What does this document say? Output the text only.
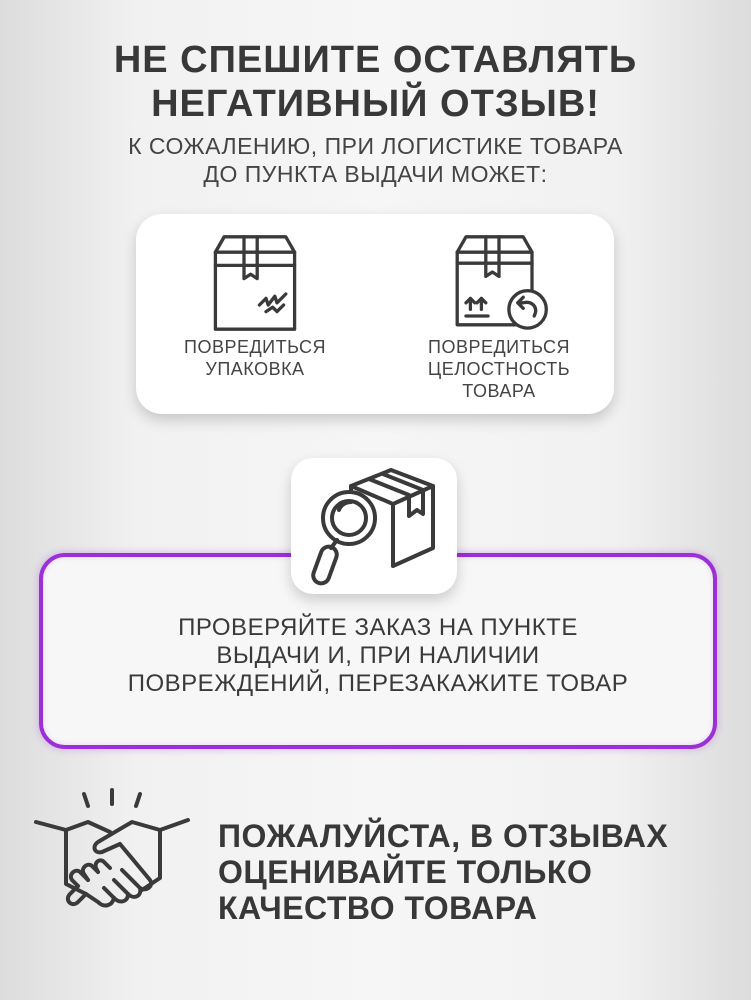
НЕ СПЕШИТЕ ОСТАВЛЯТЬ
НЕГАТИВНЫЙ ОТЗЫВ!
К СОЖАЛЕНИЮ, ПРИ ЛОГИСТИКЕ ТОВАРА
ДО ПУНКТА ВЫДАЧИ МОЖЕТ:
ПОВРЕДИТЬСЯ
УПАКОВКА
ПОВРЕДИТЬСЯ
ЦЕЛОСТНОСТЬ
ТОВАРА
ПРОВЕРЯЙТЕ ЗАКАЗ НА ПУНКТЕ
ВЫДАЧИ И, ПРИ НАЛИЧИИ
ПОВРЕЖДЕНИЙ, ПЕРЕЗАКАЖИТЕ ТОВАР
ПОЖАЛУЙСТА, В ОТЗЫВАХ
ОЦЕНИВАЙТЕ ТОЛЬКО
КАЧЕСТВО ТОВАРА
